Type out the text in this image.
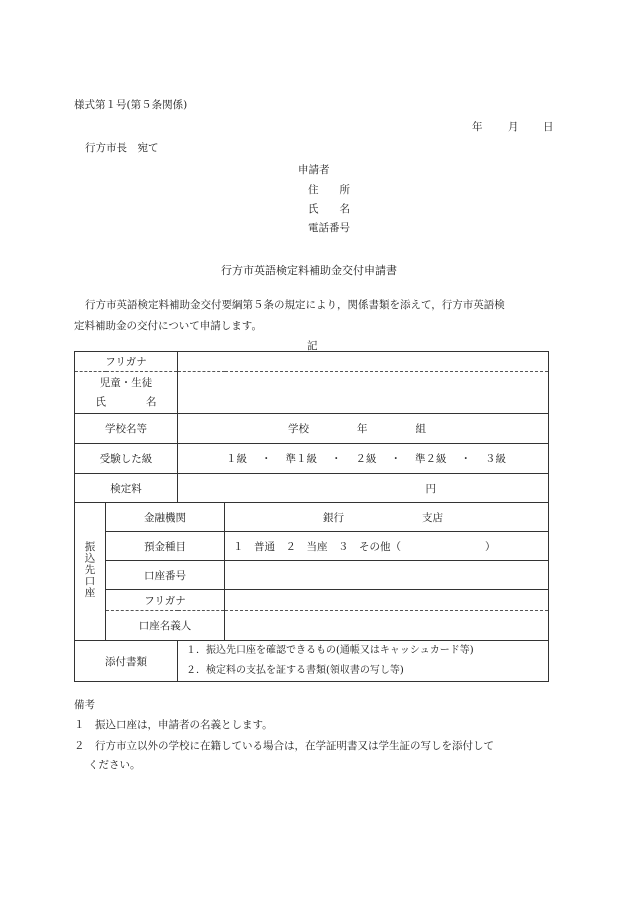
様式第１号(第５条関係)
年 月 日
行方市長　宛て
申請者
住　　所
氏　　名
電話番号
行方市英語検定料補助金交付申請書
行方市英語検定料補助金交付要綱第５条の規定により，関係書類を添えて，行方市英語検
定料補助金の交付について申請します。
記
フリガナ			

児童・生徒
氏 名			

学校名等		学校 年 組	
受験した級		１級 ・ 準１級 ・ ２級 ・ 準２級 ・ ３級	
検定料		円	
振込先口座	金融機関		銀行 支店
	預金種目		１　普通　２　当座　３　その他（　　　　　　　　）
	口座番号		
	フリガナ		
	口座名義人		
添付書類		１．振込先口座を確認できるもの(通帳又はキャッシュカード等)
２．検定料の支払を証する書類(領収書の写し等)	
備考
１　振込口座は，申請者の名義とします。
２　行方市立以外の学校に在籍している場合は，在学証明書又は学生証の写しを添付して
ください。
